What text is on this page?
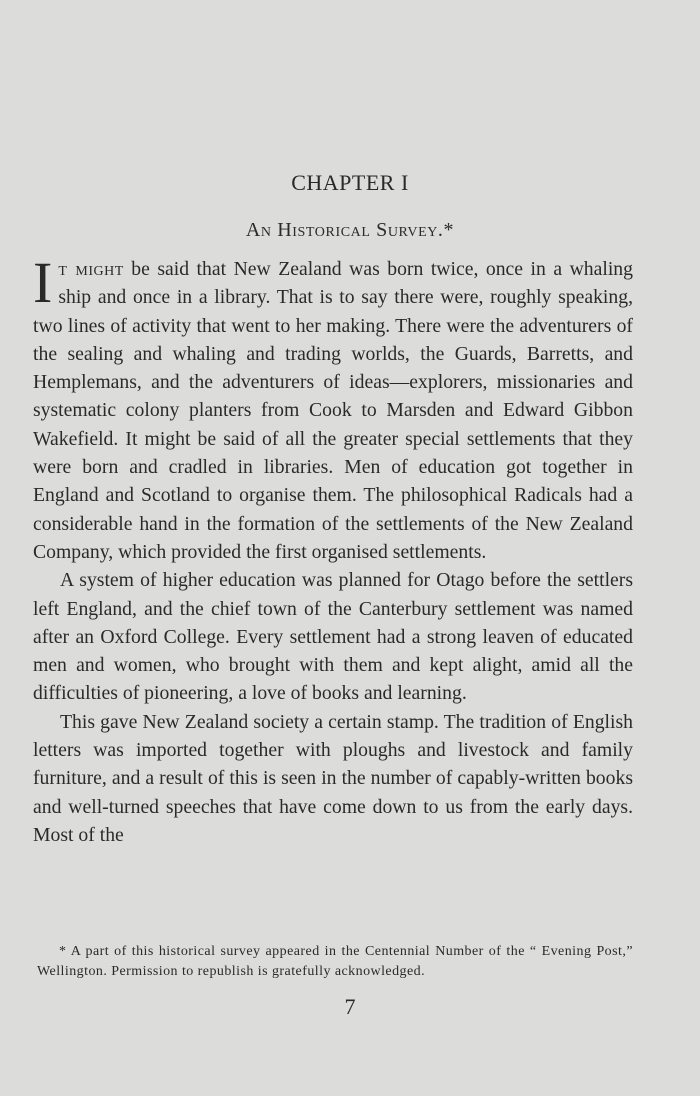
CHAPTER I
An Historical Survey.*

It might be said that New Zealand was born twice, once in a whaling ship and once in a library. That is to say there were, roughly speaking, two lines of activity that went to her making. There were the adventurers of the sealing and whaling and trading worlds, the Guards, Barretts, and Hemplemans, and the adventurers of ideas—explorers, missionaries and systematic colony planters from Cook to Marsden and Edward Gibbon Wakefield. It might be said of all the greater special settlements that they were born and cradled in libraries. Men of education got together in England and Scotland to organise them. The philosophical Radicals had a considerable hand in the formation of the settlements of the New Zealand Company, which provided the first organised settlements.

A system of higher education was planned for Otago before the settlers left England, and the chief town of the Canterbury settlement was named after an Oxford College. Every settlement had a strong leaven of educated men and women, who brought with them and kept alight, amid all the difficulties of pioneering, a love of books and learning.

This gave New Zealand society a certain stamp. The tradition of English letters was imported together with ploughs and livestock and family furniture, and a result of this is seen in the number of capably-written books and well-turned speeches that have come down to us from the early days. Most of the

* A part of this historical survey appeared in the Centennial Number of the “ Evening Post,” Wellington. Permission to republish is gratefully acknowledged.

7
